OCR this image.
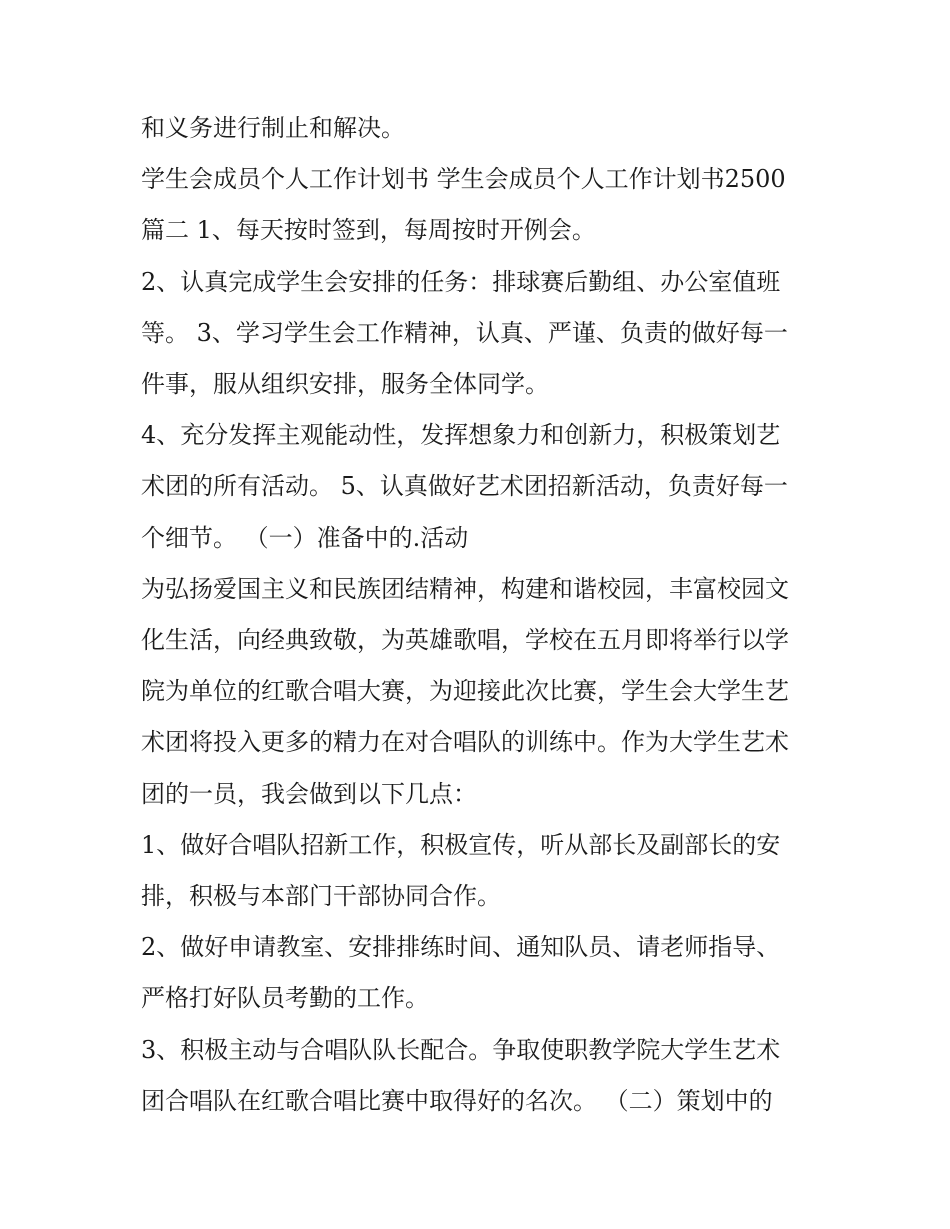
和义务进行制止和解决。

学生会成员个人工作计划书 学生会成员个人工作计划书2500

篇二 1、每天按时签到，每周按时开例会。

2、认真完成学生会安排的任务：排球赛后勤组、办公室值班

等。 3、学习学生会工作精神，认真、严谨、负责的做好每一

件事，服从组织安排，服务全体同学。

4、充分发挥主观能动性，发挥想象力和创新力，积极策划艺

术团的所有活动。 5、认真做好艺术团招新活动，负责好每一

个细节。 （一）准备中的.活动

为弘扬爱国主义和民族团结精神，构建和谐校园，丰富校园文

化生活，向经典致敬，为英雄歌唱，学校在五月即将举行以学

院为单位的红歌合唱大赛，为迎接此次比赛，学生会大学生艺

术团将投入更多的精力在对合唱队的训练中。作为大学生艺术

团的一员，我会做到以下几点：

1、做好合唱队招新工作，积极宣传，听从部长及副部长的安

排，积极与本部门干部协同合作。

2、做好申请教室、安排排练时间、通知队员、请老师指导、

严格打好队员考勤的工作。

3、积极主动与合唱队队长配合。争取使职教学院大学生艺术

团合唱队在红歌合唱比赛中取得好的名次。 （二）策划中的
